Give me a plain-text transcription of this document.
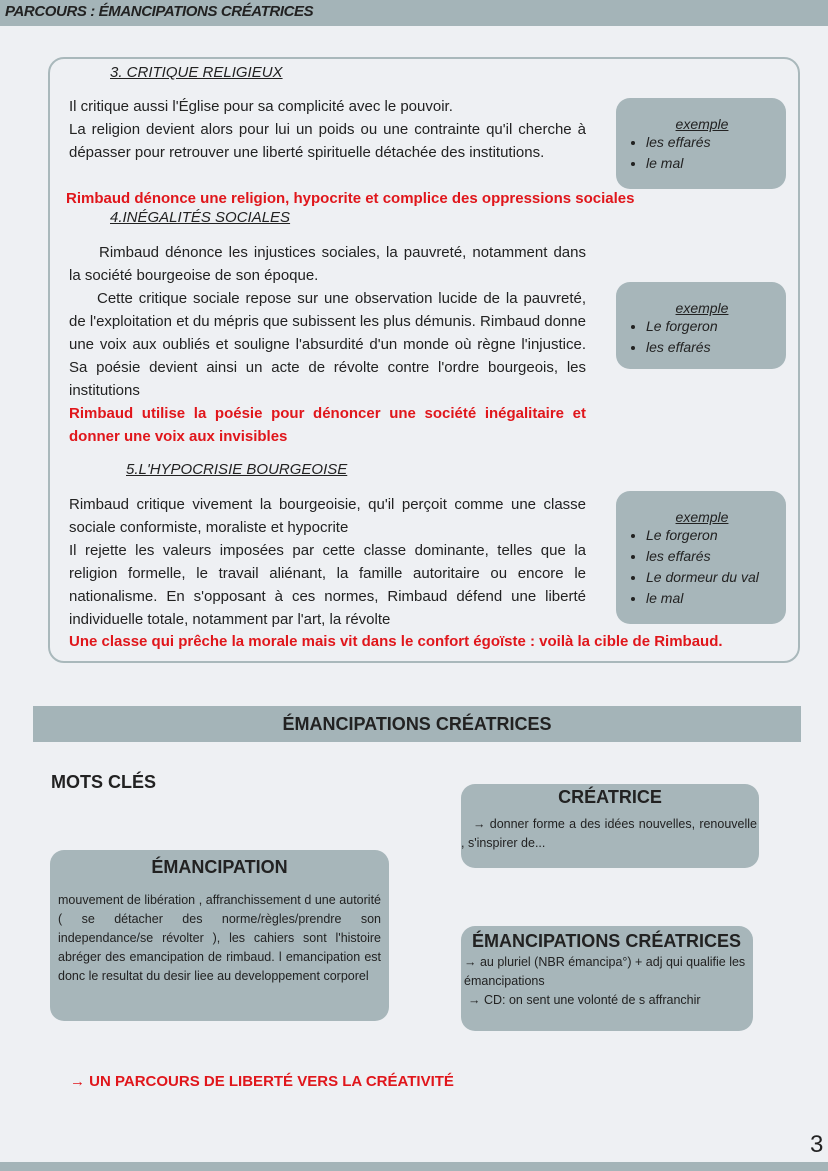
PARCOURS : ÉMANCIPATIONS CRÉATRICES
3. CRITIQUE RELIGIEUX
Il critique aussi l'Église pour sa complicité avec le pouvoir.
La religion devient alors pour lui un poids ou une contrainte qu'il cherche à dépasser pour retrouver une liberté spirituelle détachée des institutions.
Rimbaud dénonce une religion, hypocrite et complice des oppressions sociales
exemple
• les effarés
• le mal
4.INÉGALITÉS SOCIALES
Rimbaud dénonce les injustices sociales, la pauvreté, notamment dans la société bourgeoise de son époque.
Cette critique sociale repose sur une observation lucide de la pauvreté, de l'exploitation et du mépris que subissent les plus démunis. Rimbaud donne une voix aux oubliés et souligne l'absurdité d'un monde où règne l'injustice. Sa poésie devient ainsi un acte de révolte contre l'ordre bourgeois, les institutions
Rimbaud utilise la poésie pour dénoncer une société inégalitaire et donner une voix aux invisibles
exemple
• Le forgeron
• les effarés
5.L'HYPOCRISIE BOURGEOISE
Rimbaud critique vivement la bourgeoisie, qu'il perçoit comme une classe sociale conformiste, moraliste et hypocrite
Il rejette les valeurs imposées par cette classe dominante, telles que la religion formelle, le travail aliénant, la famille autoritaire ou encore le nationalisme. En s'opposant à ces normes, Rimbaud défend une liberté individuelle totale, notamment par l'art, la révolte
Une classe qui prêche la morale mais vit dans le confort égoïste : voilà la cible de Rimbaud.
exemple
• Le forgeron
• les effarés
• Le dormeur du val
• le mal
ÉMANCIPATIONS CRÉATRICES
MOTS CLÉS
CRÉATRICE
→ donner forme a des idées nouvelles, renouvelle , s'inspirer de...
ÉMANCIPATION
mouvement de libération , affranchissement d une autorité ( se détacher des norme/règles/prendre son independance/se révolter ), les cahiers sont l'histoire abréger des emancipation de rimbaud. l emancipation est donc le resultat du desir liee au developpement corporel
ÉMANCIPATIONS CRÉATRICES
→ au pluriel (NBR émancipa°) + adj qui qualifie les émancipations
→ CD: on sent une volonté de s affranchir
→ UN PARCOURS DE LIBERTÉ VERS LA CRÉATIVITÉ
3
